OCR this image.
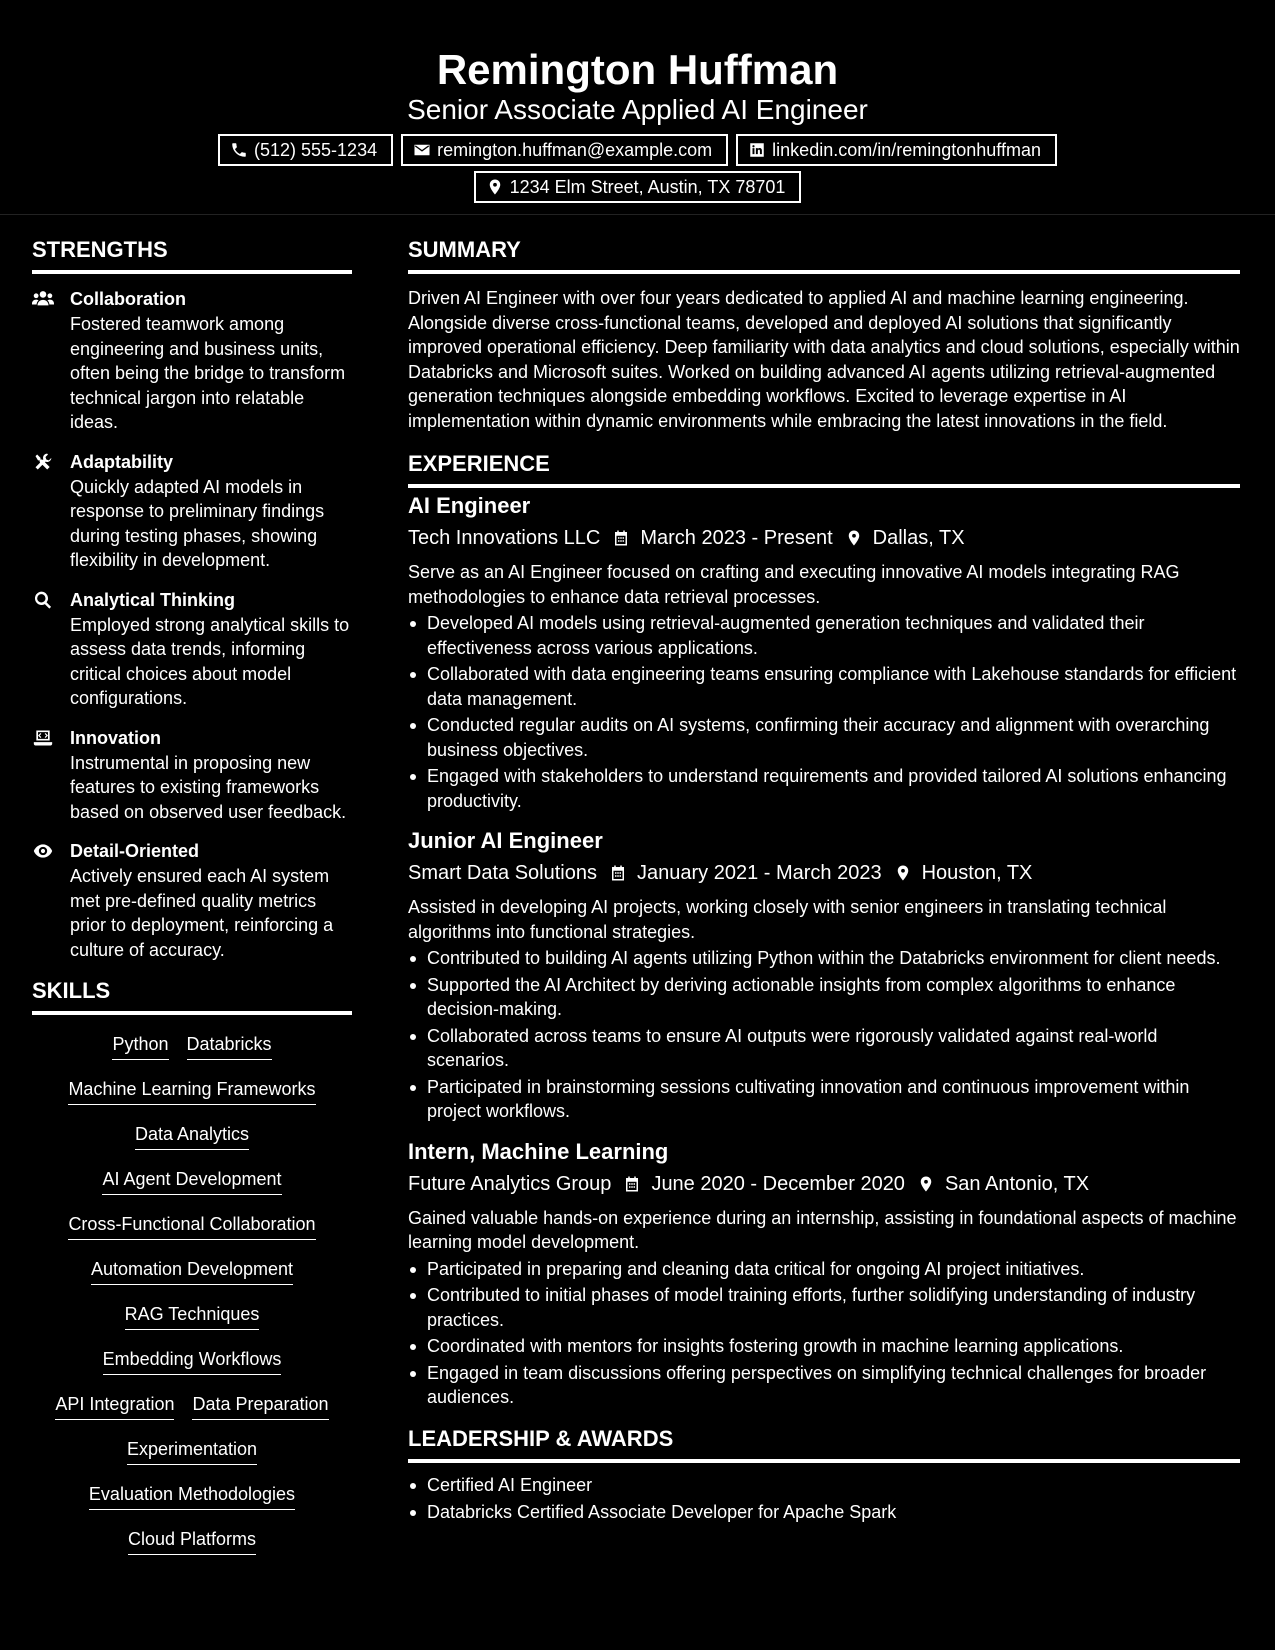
Remington Huffman
Senior Associate Applied AI Engineer
(512) 555-1234	remington.huffman@example.com	linkedin.com/in/remingtonhuffman
1234 Elm Street, Austin, TX 78701
STRENGTHS
Collaboration
Fostered teamwork among engineering and business units, often being the bridge to transform technical jargon into relatable ideas.
Adaptability
Quickly adapted AI models in response to preliminary findings during testing phases, showing flexibility in development.
Analytical Thinking
Employed strong analytical skills to assess data trends, informing critical choices about model configurations.
Innovation
Instrumental in proposing new features to existing frameworks based on observed user feedback.
Detail-Oriented
Actively ensured each AI system met pre-defined quality metrics prior to deployment, reinforcing a culture of accuracy.
SKILLS
Python Databricks
Machine Learning Frameworks
Data Analytics
AI Agent Development
Cross-Functional Collaboration
Automation Development
RAG Techniques
Embedding Workflows
API Integration Data Preparation
Experimentation
Evaluation Methodologies
Cloud Platforms
SUMMARY
Driven AI Engineer with over four years dedicated to applied AI and machine learning engineering. Alongside diverse cross-functional teams, developed and deployed AI solutions that significantly improved operational efficiency. Deep familiarity with data analytics and cloud solutions, especially within Databricks and Microsoft suites. Worked on building advanced AI agents utilizing retrieval-augmented generation techniques alongside embedding workflows. Excited to leverage expertise in AI implementation within dynamic environments while embracing the latest innovations in the field.
EXPERIENCE
AI Engineer
Tech Innovations LLC March 2023 - Present Dallas, TX
Serve as an AI Engineer focused on crafting and executing innovative AI models integrating RAG methodologies to enhance data retrieval processes.
Developed AI models using retrieval-augmented generation techniques and validated their effectiveness across various applications.
Collaborated with data engineering teams ensuring compliance with Lakehouse standards for efficient data management.
Conducted regular audits on AI systems, confirming their accuracy and alignment with overarching business objectives.
Engaged with stakeholders to understand requirements and provided tailored AI solutions enhancing productivity.
Junior AI Engineer
Smart Data Solutions January 2021 - March 2023 Houston, TX
Assisted in developing AI projects, working closely with senior engineers in translating technical algorithms into functional strategies.
Contributed to building AI agents utilizing Python within the Databricks environment for client needs.
Supported the AI Architect by deriving actionable insights from complex algorithms to enhance decision-making.
Collaborated across teams to ensure AI outputs were rigorously validated against real-world scenarios.
Participated in brainstorming sessions cultivating innovation and continuous improvement within project workflows.
Intern, Machine Learning
Future Analytics Group June 2020 - December 2020 San Antonio, TX
Gained valuable hands-on experience during an internship, assisting in foundational aspects of machine learning model development.
Participated in preparing and cleaning data critical for ongoing AI project initiatives.
Contributed to initial phases of model training efforts, further solidifying understanding of industry practices.
Coordinated with mentors for insights fostering growth in machine learning applications.
Engaged in team discussions offering perspectives on simplifying technical challenges for broader audiences.
LEADERSHIP & AWARDS
Certified AI Engineer
Databricks Certified Associate Developer for Apache Spark
